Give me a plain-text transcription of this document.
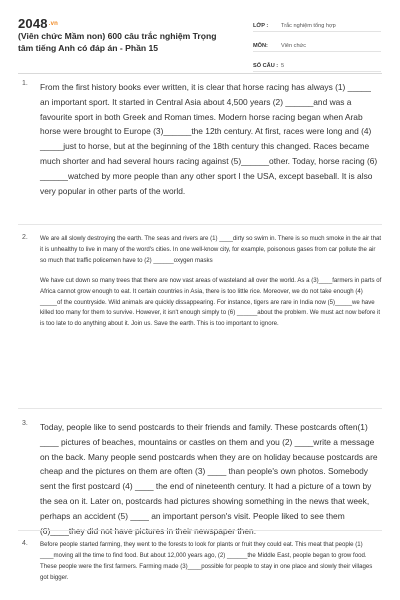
$2048^{.vn}$
(Viên chức Mầm non) 600 câu trắc nghiệm Trọng tâm tiếng Anh có đáp án - Phần 15
LỚP :	Trắc nghiệm tổng hợp
MÔN:	Viên chức
SỐ CÂU : 5
1. From the first history books ever written, it is clear that horse racing has always (1) _____ an important sport. It started in Central Asia about 4,500 years (2) ______and was a favourite sport in both Greek and Roman times. Modern horse racing began when Arab horse were brought to Europe (3)______the 12th century. At first, races were long and (4) _____just to horse, but at the beginning of the 18th century this changed. Races became much shorter and had several hours racing against (5)______other. Today, horse racing (6) ______watched by more people than any other sport I the USA, except baseball. It is also very popular in other parts of the world.
2. We are all slowly destroying the earth. The seas and rivers are (1) ____dirty so swim in. There is so much smoke in the air that it is unhealthy to live in many of the word's cities. In one well-know city, for example, poisonous gases from car pollute the air so much that traffic policemen have to (2) ______oxygen masks

We have cut down so many trees that there are now vast areas of wasteland all over the world. As a (3)____farmers in parts of Africa cannot grow enough to eat. It certain countries in Asia, there is too little rice. Moreover, we do not take enough (4) _____of the countryside. Wild animals are quickly dissappearing. For instance, tigers are rare in India now (5)_____we have killed too many for them to survive. However, it isn't enough simply to (6) ______about the problem. We must act now before it is too late to do anything about it. Join us. Save the earth. This is too important to ignore.

3. Today, people like to send postcards to their friends and family. These postcards often(1) ____ pictures of beaches, mountains or castles on them and you (2) ____write a message on the back. Many people send postcards when they are on holiday because postcards are cheap and the pictures on them are often (3) ____ than people's own photos. Somebody sent the first postcard (4) ____ the end of nineteenth century. It had a picture of a town by the sea on it. Later on, postcards had pictures showing something in the news that week, perhaps an accident (5) ____ an important person's visit. People liked to see them
4. Before people started farming, they went to the forests to look for plants or fruit they could eat. This meat that people (1) ____moving all the time to find food. But about 12,000 years ago, (2) ______the Middle East, people began to grow food. These people were the first farmers. Farming made (3)____possible for people to stay in one place and slowly their villages got bigger.
